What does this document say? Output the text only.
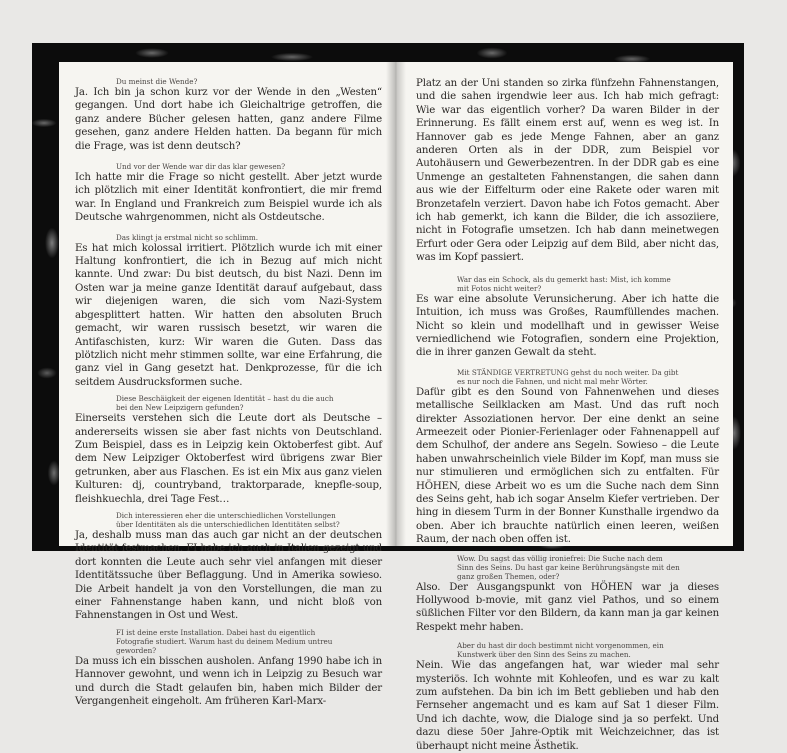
Du meinst die Wende?

Ja. Ich bin ja schon kurz vor der Wende in den „Westen“ gegangen. Und dort habe ich Gleichaltrige getroffen, die ganz andere Bücher gelesen hatten, ganz andere Filme gesehen, ganz andere Helden hatten. Da begann für mich die Frage, was ist denn deutsch?

Und vor der Wende war dir das klar gewesen?

Ich hatte mir die Frage so nicht gestellt. Aber jetzt wurde ich plötzlich mit einer Identität konfrontiert, die mir fremd war. In England und Frankreich zum Beispiel wurde ich als Deutsche wahrgenommen, nicht als Ostdeutsche.

Das klingt ja erstmal nicht so schlimm.

Es hat mich kolossal irritiert. Plötzlich wurde ich mit einer Haltung konfrontiert, die ich in Bezug auf mich nicht kannte. Und zwar: Du bist deutsch, du bist Nazi. Denn im Osten war ja meine ganze Identität darauf aufgebaut, dass wir diejenigen waren, die sich vom Nazi-System abgesplittert hatten. Wir hatten den absoluten Bruch gemacht, wir waren russisch besetzt, wir waren die Antifaschisten, kurz: Wir waren die Guten. Dass das plötzlich nicht mehr stimmen sollte, war eine Erfahrung, die ganz viel in Gang gesetzt hat. Denkprozesse, für die ich seitdem Ausdrucksformen suche.

Diese Beschäigkeit der eigenen Identität – hast du die auch bei den New Leipzigern gefunden?

Einerseits verstehen sich die Leute dort als Deutsche – andererseits wissen sie aber fast nichts von Deutschland. Zum Beispiel, dass es in Leipzig kein Oktoberfest gibt. Auf dem New Leipziger Oktoberfest wird übrigens zwar Bier getrunken, aber aus Flaschen. Es ist ein Mix aus ganz vielen Kulturen: dj, countryband, traktorparade, knepfle-soup, fleishkuechla, drei Tage Fest…

Dich interessieren eher die unterschiedlichen Vorstellungen über Identitäten als die unterschiedlichen Identitäten selbst?

Ja, deshalb muss man das auch gar nicht an der deutschen Identität festmachen. FI habe ich auch in Italien gezeigt und dort konnten die Leute auch sehr viel anfangen mit dieser Identitätssuche über Beflaggung. Und in Amerika sowieso. Die Arbeit handelt ja von den Vorstellungen, die man zu einer Fahnenstange haben kann, und nicht bloß von Fahnenstangen in Ost und West.

FI ist deine erste Installation. Dabei hast du eigentlich Fotografie studiert. Warum hast du deinem Medium untreu geworden?

Da muss ich ein bisschen ausholen. Anfang 1990 habe ich in Hannover gewohnt, und wenn ich in Leipzig zu Besuch war und durch die Stadt gelaufen bin, haben mich Bilder der Vergangenheit eingeholt. Am früheren Karl-Marx-

Platz an der Uni standen so zirka fünfzehn Fahnenstangen, und die sahen irgendwie leer aus. Ich hab mich gefragt: Wie war das eigentlich vorher? Da waren Bilder in der Erinnerung. Es fällt einem erst auf, wenn es weg ist. In Hannover gab es jede Menge Fahnen, aber an ganz anderen Orten als in der DDR, zum Beispiel vor Autohäusern und Gewerbezentren. In der DDR gab es eine Unmenge an gestalteten Fahnenstangen, die sahen dann aus wie der Eiffelturm oder eine Rakete oder waren mit Bronzetafeln verziert. Davon habe ich Fotos gemacht. Aber ich hab gemerkt, ich kann die Bilder, die ich assoziiere, nicht in Fotografie umsetzen. Ich hab dann meinetwegen Erfurt oder Gera oder Leipzig auf dem Bild, aber nicht das, was im Kopf passiert.

War das ein Schock, als du gemerkt hast: Mist, ich komme mit Fotos nicht weiter?

Es war eine absolute Verunsicherung. Aber ich hatte die Intuition, ich muss was Großes, Raumfüllendes machen. Nicht so klein und modellhaft und in gewisser Weise verniedlichend wie Fotografien, sondern eine Projektion, die in ihrer ganzen Gewalt da steht.

Mit STÄNDIGE VERTRETUNG gehst du noch weiter. Da gibt es nur noch die Fahnen, und nicht mal mehr Wörter.

Dafür gibt es den Sound von Fahnenwehen und dieses metallische Seilklacken am Mast. Und das ruft noch direkter Assoziationen hervor. Der eine denkt an seine Armeezeit oder Pionier-Ferienlager oder Fahnenappell auf dem Schulhof, der andere ans Segeln. Sowieso – die Leute haben unwahrscheinlich viele Bilder im Kopf, man muss sie nur stimulieren und ermöglichen sich zu entfalten. Für HÖHEN, diese Arbeit wo es um die Suche nach dem Sinn des Seins geht, hab ich sogar Anselm Kiefer vertrieben. Der hing in diesem Turm in der Bonner Kunsthalle irgendwo da oben. Aber ich brauchte natürlich einen leeren, weißen Raum, der nach oben offen ist.

Wow. Du sagst das völlig ironiefrei: Die Suche nach dem Sinn des Seins. Du hast gar keine Berührungsängste mit den ganz großen Themen, oder?

Also. Der Ausgangspunkt von HÖHEN war ja dieses Hollywood b-movie, mit ganz viel Pathos, und so einem süßlichen Filter vor den Bildern, da kann man ja gar keinen Respekt mehr haben.

Aber du hast dir doch bestimmt nicht vorgenommen, ein Kunstwerk über den Sinn des Seins zu machen.

Nein. Wie das angefangen hat, war wieder mal sehr mysteriös. Ich wohnte mit Kohleofen, und es war zu kalt zum aufstehen. Da bin ich im Bett geblieben und hab den Fernseher angemacht und es kam auf Sat 1 dieser Film. Und ich dachte, wow, die Dialoge sind ja so perfekt. Und dazu diese 50er Jahre-Optik mit Weichzeichner, das ist überhaupt nicht meine Ästhetik.
